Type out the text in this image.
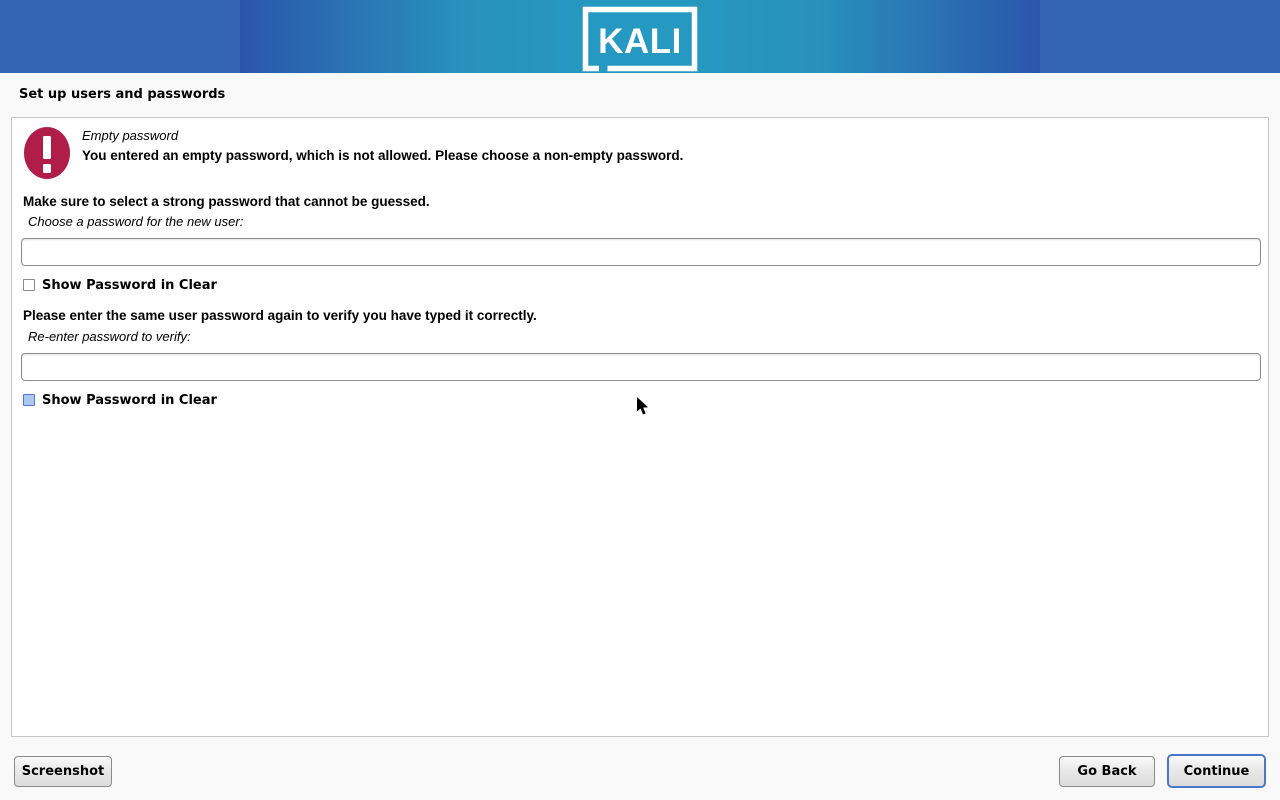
KALI
Set up users and passwords
Empty password
You entered an empty password, which is not allowed. Please choose a non-empty password.
Make sure to select a strong password that cannot be guessed.
Choose a password for the new user:
Show Password in Clear
Please enter the same user password again to verify you have typed it correctly.
Re-enter password to verify:
Show Password in Clear
Screenshot	Go Back	Continue
